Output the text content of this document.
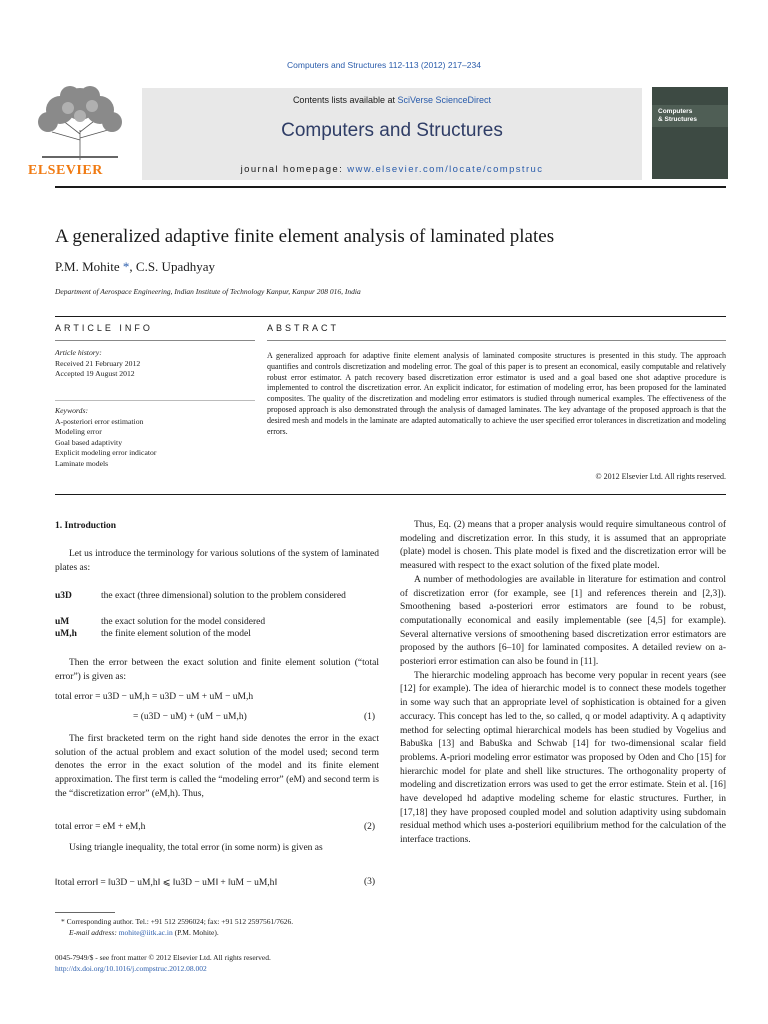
Computers and Structures 112-113 (2012) 217–234
ELSEVIER
Contents lists available at SciVerse ScienceDirect
Computers and Structures
journal homepage: www.elsevier.com/locate/compstruc
Computers
& Structures
A generalized adaptive finite element analysis of laminated plates
P.M. Mohite *, C.S. Upadhyay
Department of Aerospace Engineering, Indian Institute of Technology Kanpur, Kanpur 208 016, India
ARTICLE INFO	ABSTRACT
Article history:
Received 21 February 2012
Accepted 19 August 2012
Keywords:
A-posteriori error estimation
Modeling error
Goal based adaptivity
Explicit modeling error indicator
Laminate models
A generalized approach for adaptive finite element analysis of laminated composite structures is presented in this study. The approach quantifies and controls discretization and modeling error. The goal of this paper is to present an economical, easily computable and relatively robust error estimator. A patch recovery based discretization error estimator is used and a goal based one shot adaptive procedure is implemented to control the discretization error. An explicit indicator, for estimation of modeling error, has been proposed for the laminated composites. The quality of the discretization and modeling error estimators is studied through numerical examples. The effectiveness of the proposed approach is also demonstrated through the analysis of damaged laminates. The key advantage of the proposed approach is that the desired mesh and models in the laminate are adapted automatically to achieve the user specified error tolerances in discretization and modeling errors.
© 2012 Elsevier Ltd. All rights reserved.
1. Introduction
Let us introduce the terminology for various solutions of the system of laminated plates as:
u3D	the exact (three dimensional) solution to the problem considered
uM	the exact solution for the model considered
uM,h	the finite element solution of the model
Then the error between the exact solution and finite element solution (“total error”) is given as:
total error = u3D − uM,h = u3D − uM + uM − uM,h
= (u3D − uM) + (uM − uM,h)	(1)
The first bracketed term on the right hand side denotes the error in the exact solution of the actual problem and exact solution of the model used; second term denotes the error in the exact solution of the model and its finite element approximation. The first term is called the “modeling error” (eM) and second term is the “discretization error” (eM,h). Thus,
total error = eM + eM,h	(2)
Using triangle inequality, the total error (in some norm) is given as
‖total error‖ = ‖u3D − uM,h‖ ⩽ ‖u3D − uM‖ + ‖uM − uM,h‖	(3)
* Corresponding author. Tel.: +91 512 2596024; fax: +91 512 2597561/7626.
E-mail address: mohite@iitk.ac.in (P.M. Mohite).
0045-7949/$ - see front matter © 2012 Elsevier Ltd. All rights reserved.
http://dx.doi.org/10.1016/j.compstruc.2012.08.002

Thus, Eq. (2) means that a proper analysis would require simultaneous control of modeling and discretization error. In this study, it is assumed that an appropriate (plate) model is chosen. This plate model is fixed and the discretization error will be measured with respect to the exact solution of the fixed plate model.

A number of methodologies are available in literature for estimation and control of discretization error (for example, see [1] and references therein and [2,3]). Smoothening based a-posteriori error estimators are found to be robust, computationally economical and easily implementable (see [4,5] for example). Several alternative versions of smoothening based discretization error estimators are proposed by the authors [6–10] for laminated composites. A detailed review on a-posteriori error estimation can also be found in [11].

The hierarchic modeling approach has become very popular in recent years (see [12] for example). The idea of hierarchic model is to connect these models together in some way such that an appropriate level of sophistication is obtained for a given accuracy. This concept has led to the, so called, q or model adaptivity. A q adaptivity method for selecting optimal hierarchical models has been studied by Vogelius and Babuška [13] and Babuška and Schwab [14] for two-dimensional scalar field problems. A-priori modeling error estimator was proposed by Oden and Cho [15] for hierarchic model for plate and shell like structures. The orthogonality property of modeling and discretization errors was used to get the error estimate. Stein et al. [16] have developed hd adaptive modeling scheme for elastic structures. Further, in [17,18] they have proposed coupled model and solution adaptivity using subdomain residual method which uses a-posteriori equilibrium method for the calculation of the interface tractions.
